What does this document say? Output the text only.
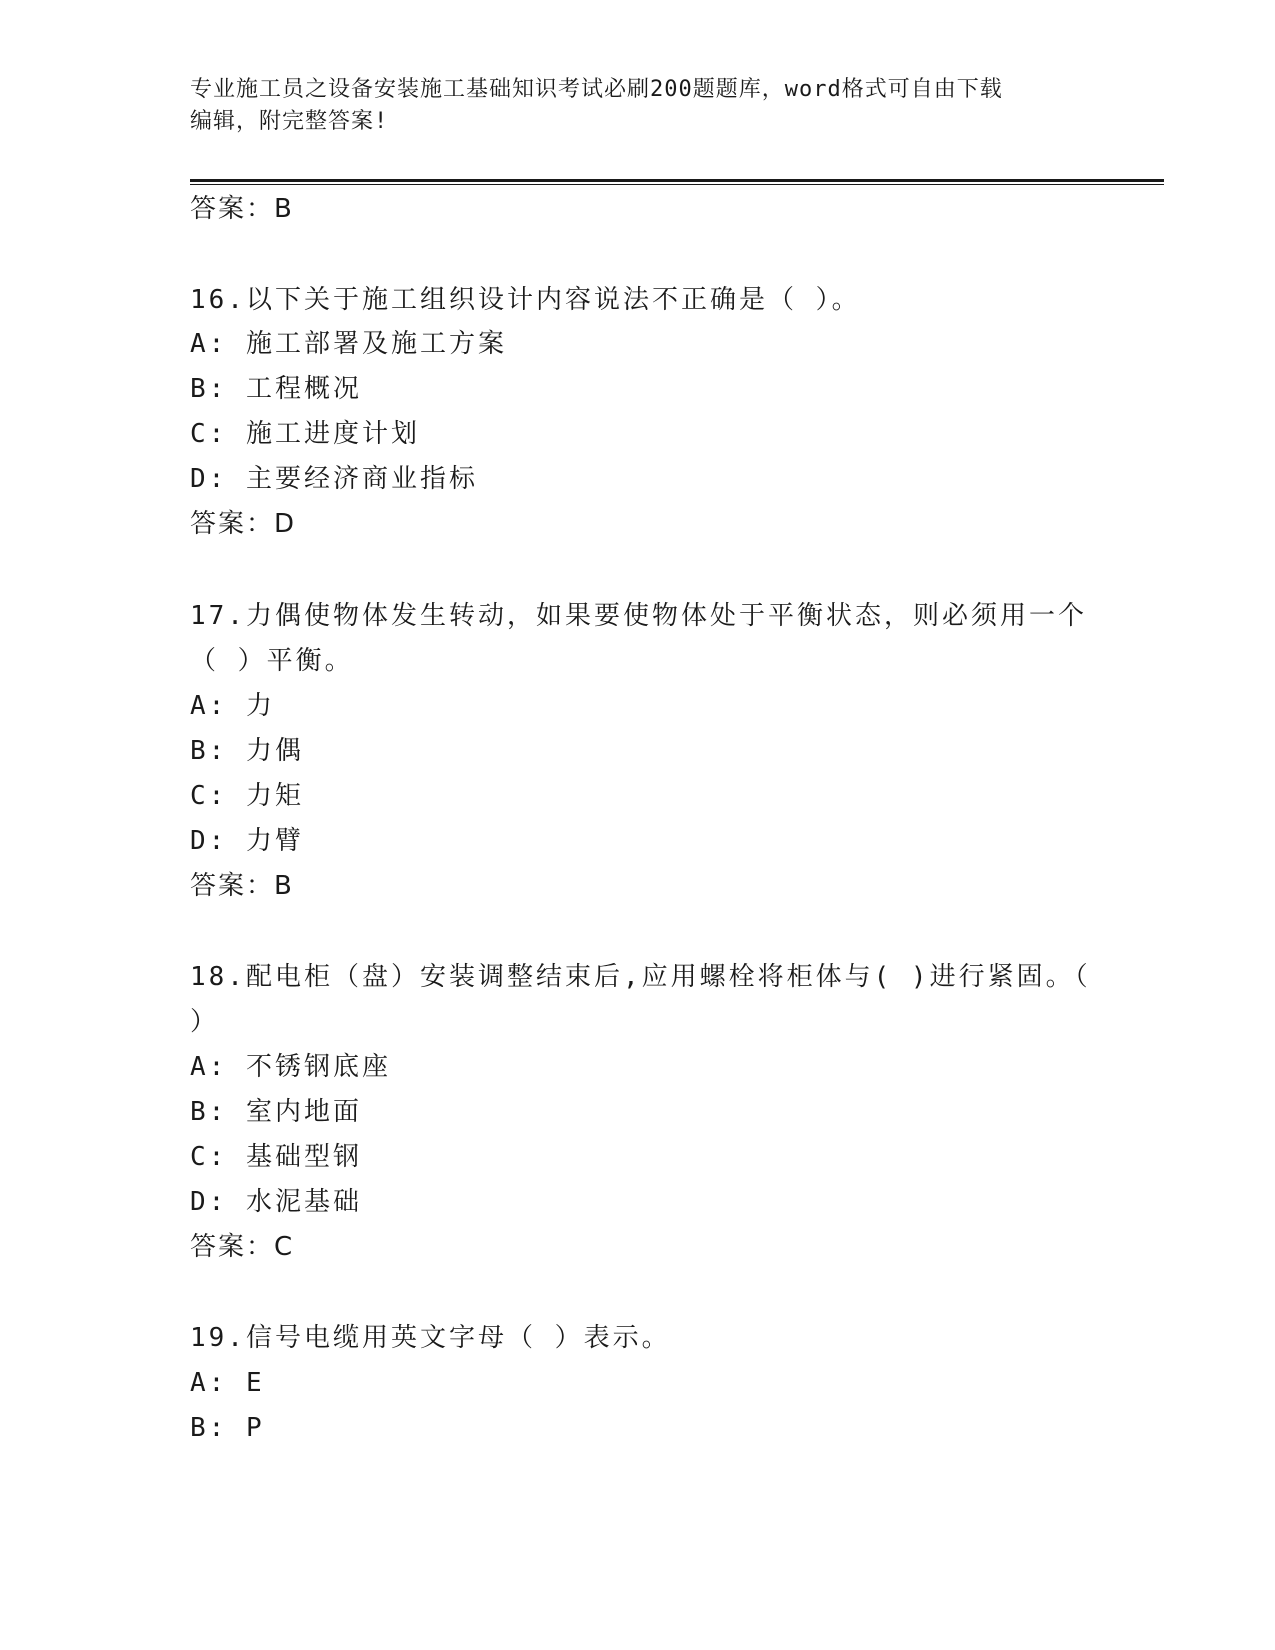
专业施工员之设备安装施工基础知识考试必刷200题题库，word格式可自由下载
编辑，附完整答案!
答案：B
16.以下关于施工组织设计内容说法不正确是（ ）。
A: 施工部署及施工方案
B: 工程概况
C: 施工进度计划
D: 主要经济商业指标
答案：D
17.力偶使物体发生转动，如果要使物体处于平衡状态，则必须用一个
（ ）平衡。
A: 力
B: 力偶
C: 力矩
D: 力臂
答案：B
18.配电柜（盘）安装调整结束后,应用螺栓将柜体与( )进行紧固。（
）
A: 不锈钢底座
B: 室内地面
C: 基础型钢
D: 水泥基础
答案：C
19.信号电缆用英文字母（ ）表示。
A: E
B: P
